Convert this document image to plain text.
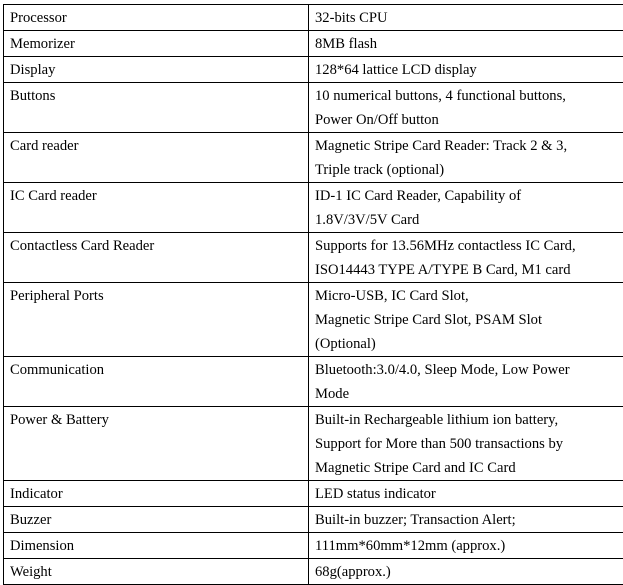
Processor	32-bits CPU

Memorizer	8MB flash

Display	128*64 lattice LCD display

Buttons	10 numerical buttons, 4 functional buttons,
Power On/Off button

Card reader	Magnetic Stripe Card Reader: Track 2 & 3,
Triple track (optional)

IC Card reader	ID-1 IC Card Reader, Capability of
1.8V/3V/5V Card

Contactless Card Reader	Supports for 13.56MHz contactless IC Card,
ISO14443 TYPE A/TYPE B Card, M1 card

Peripheral Ports	Micro-USB, IC Card Slot,
Magnetic Stripe Card Slot, PSAM Slot
(Optional)

Communication	Bluetooth:3.0/4.0, Sleep Mode, Low Power
Mode

Power & Battery	Built-in Rechargeable lithium ion battery,
Support for More than 500 transactions by
Magnetic Stripe Card and IC Card

Indicator	LED status indicator

Buzzer	Built-in buzzer; Transaction Alert;

Dimension	111mm*60mm*12mm (approx.)

Weight	68g(approx.)
